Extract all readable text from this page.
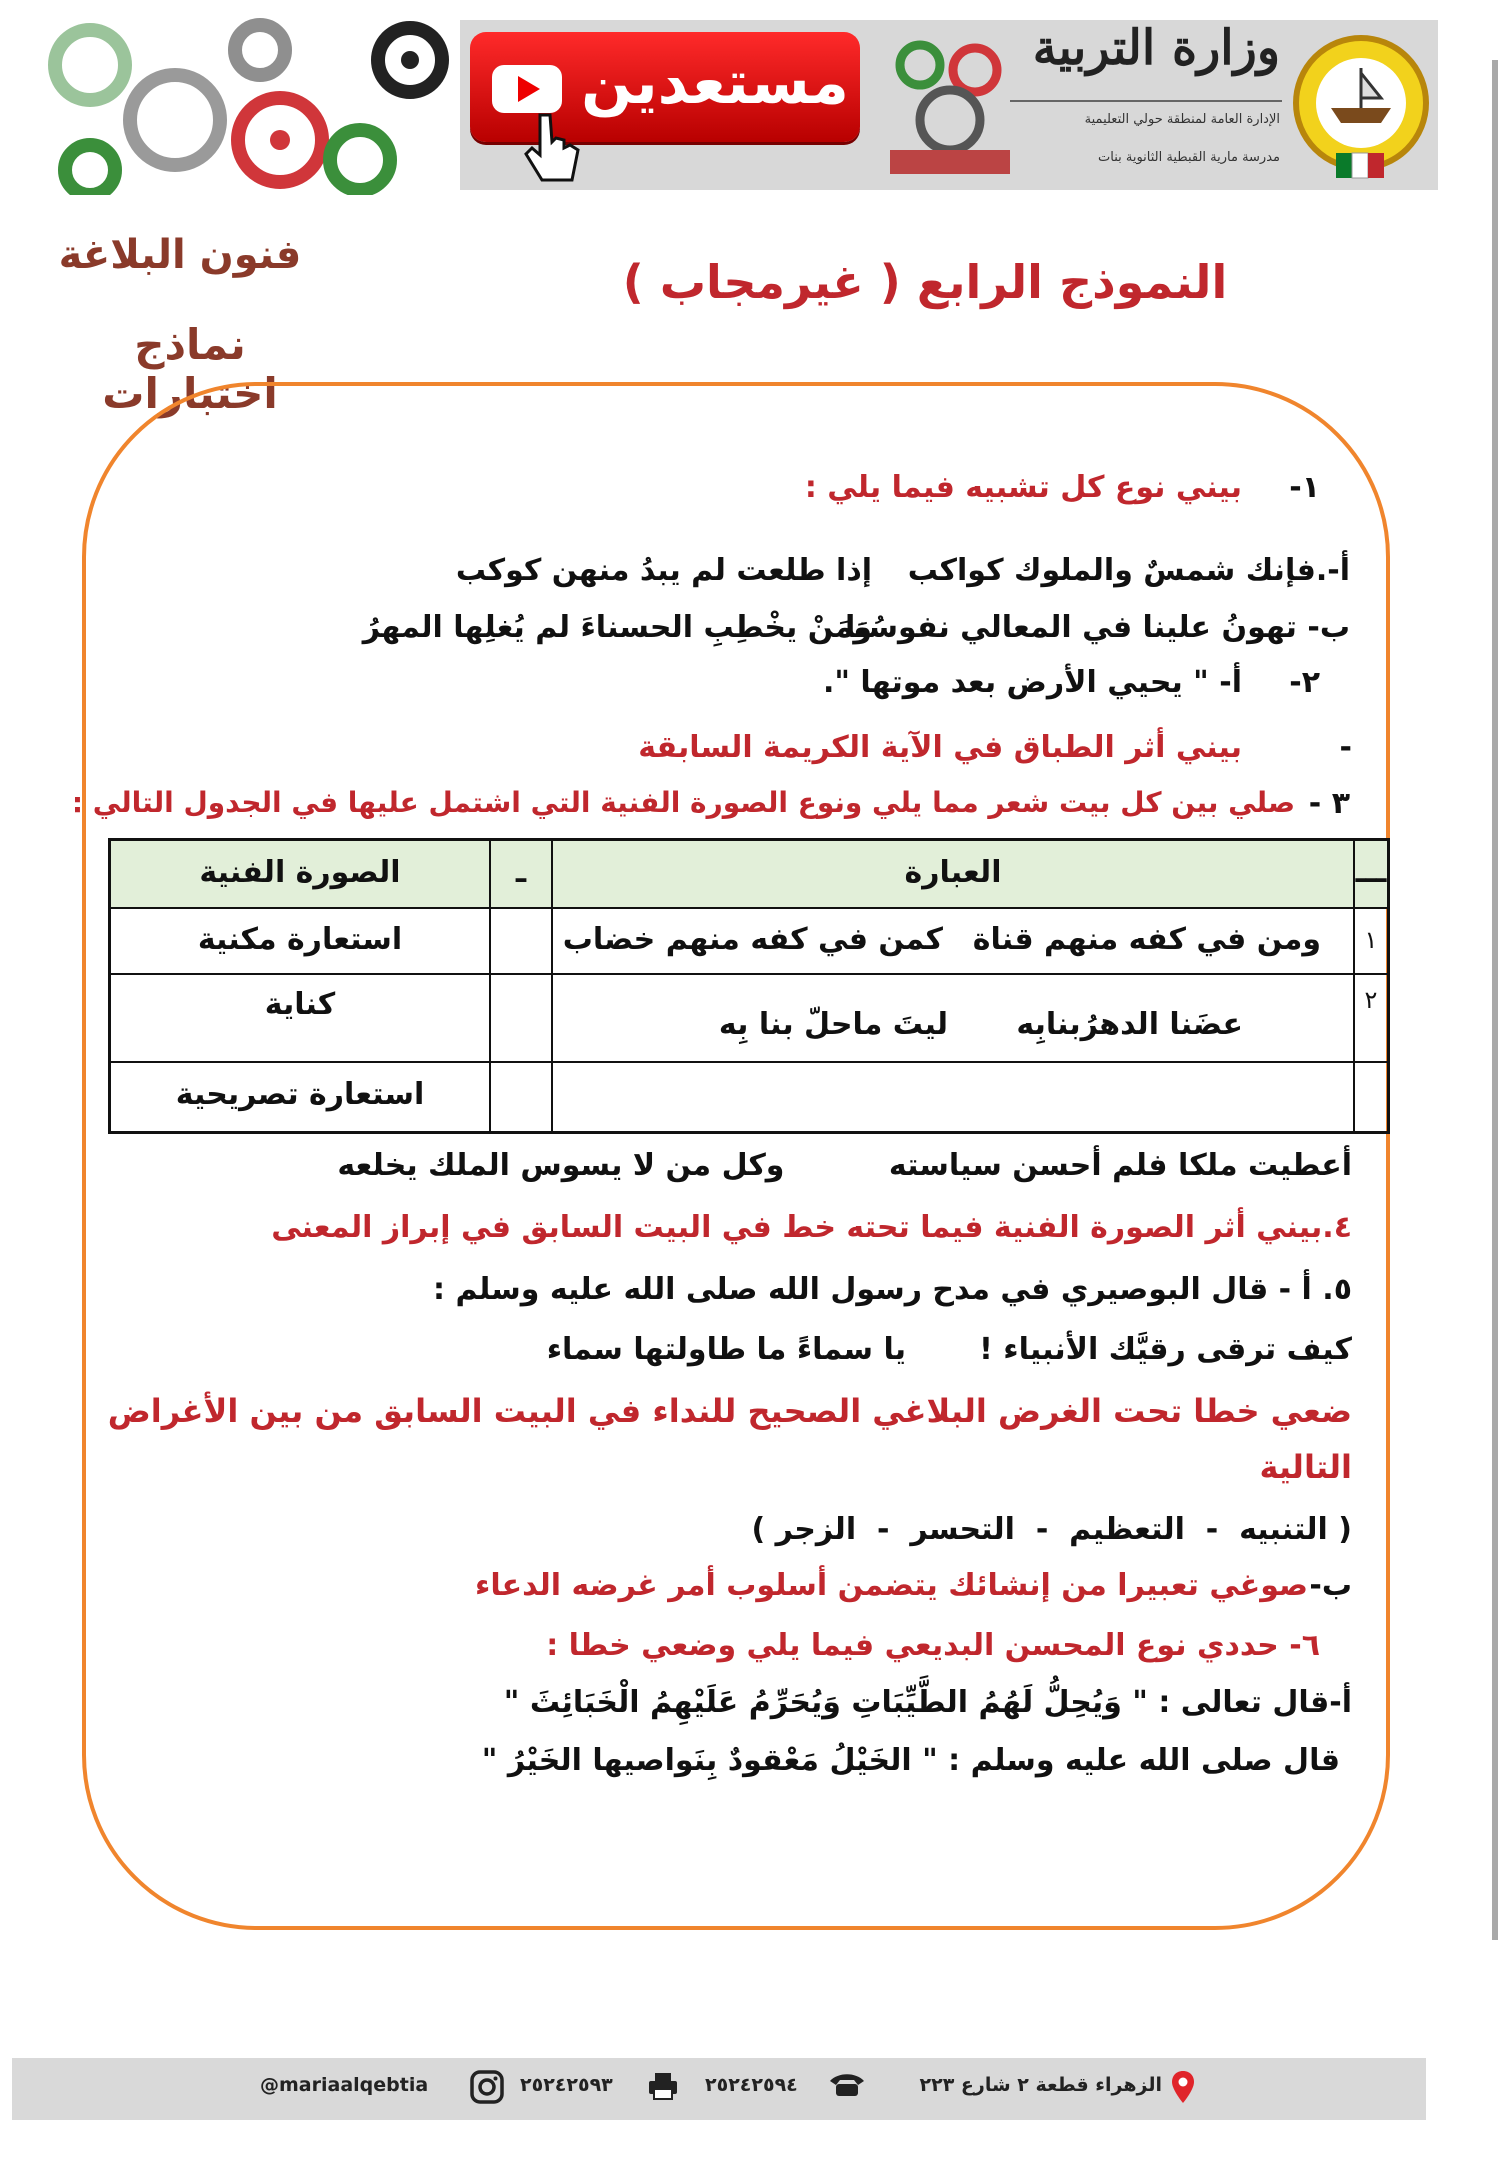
مستعدين	وزارة التربية
الإدارة العامة لمنطقة حولي التعليمية
مدرسة مارية القبطية الثانوية بنات
فنون البلاغة
نماذج اختبارات
النموذج الرابع ( غيرمجاب )
١-
بيني نوع كل تشبيه فيما يلي :
أ-.فإنك شمسٌ والملوك كواكب
إذا طلعت لم يبدُ منهن كوكب
ب- تهونُ علينا في المعالي نفوسُنا
وَمَنْ يخْطِبِ الحسناءَ لم يُغلِها المهرُ
٢-
أ- " يحيي الأرض بعد موتها ".
-
بيني أثر الطباق في الآية الكريمة السابقة
٣ -
صلي بين كل بيت شعر مما يلي ونوع الصورة الفنية التي اشتمل عليها في الجدول التالي :
ـــ
العبارة
ـ
الصورة الفنية
١
ومن في كفه منهم قناة
كمن في كفه منهم خضاب
استعارة مكنية
٢
عضَنا الدهرُبنابِه
ليتَ ماحلّ بنا بِه
كناية
استعارة تصريحية
أعطيت ملكا فلم أحسن سياسته          وكل من لا يسوس الملك يخلعه
٤.بيني أثر الصورة الفنية فيما تحته خط في البيت السابق في إبراز المعنى
٥. أ - قال البوصيري في مدح رسول الله صلى الله عليه وسلم :
كيف ترقى رقيَّك الأنبياء !       يا سماءً ما طاولتها سماء
ضعي خطا تحت الغرض البلاغي الصحيح للنداء في البيت السابق من بين الأغراض
التالية
( التنبيه  -  التعظيم  -  التحسر  -  الزجر )
ب-
صوغي تعبيرا من إنشائك يتضمن أسلوب أمر غرضه الدعاء
٦- حددي نوع المحسن البديعي فيما يلي وضعي خطا :
أ-قال تعالى : " وَيُحِلُّ لَهُمُ الطَّيِّبَاتِ وَيُحَرِّمُ عَلَيْهِمُ الْخَبَائِثَ "
قال صلى الله عليه وسلم : " الخَيْلُ مَعْقودٌ بِنَواصيها الخَيْرُ "
الزهراء قطعة ٢ شارع ٢٢٣
٢٥٢٤٢٥٩٤
٢٥٢٤٢٥٩٣
@mariaalqebtia
